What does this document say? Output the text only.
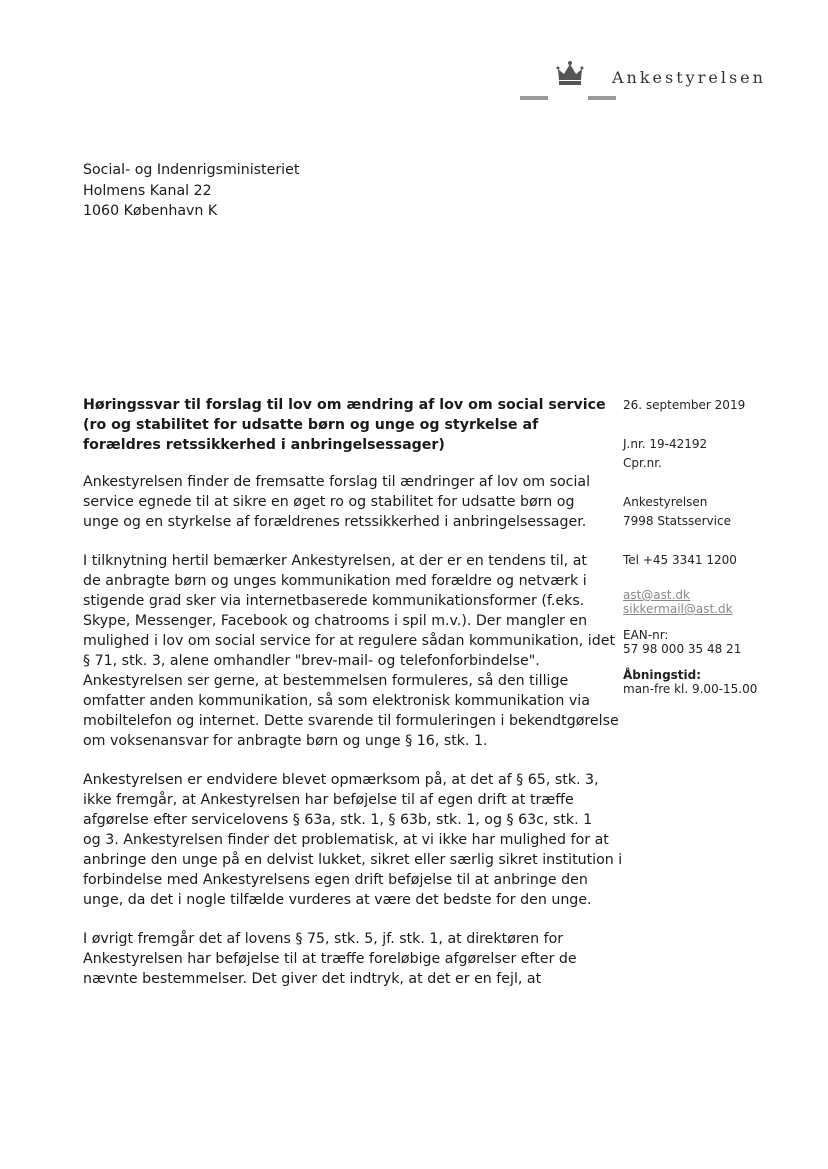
Ankestyrelsen
Social- og Indenrigsministeriet
Holmens Kanal 22
1060 København K
Høringssvar til forslag til lov om ændring af lov om social service
(ro og stabilitet for udsatte børn og unge og styrkelse af
forældres retssikkerhed i anbringelsessager)

Ankestyrelsen finder de fremsatte forslag til ændringer af lov om social
service egnede til at sikre en øget ro og stabilitet for udsatte børn og
unge og en styrkelse af forældrenes retssikkerhed i anbringelsessager.

I tilknytning hertil bemærker Ankestyrelsen, at der er en tendens til, at
de anbragte børn og unges kommunikation med forældre og netværk i
stigende grad sker via internetbaserede kommunikationsformer (f.eks.
Skype, Messenger, Facebook og chatrooms i spil m.v.). Der mangler en
mulighed i lov om social service for at regulere sådan kommunikation, idet
§ 71, stk. 3, alene omhandler "brev-mail- og telefonforbindelse".
Ankestyrelsen ser gerne, at bestemmelsen formuleres, så den tillige
omfatter anden kommunikation, så som elektronisk kommunikation via
mobiltelefon og internet. Dette svarende til formuleringen i bekendtgørelse
om voksenansvar for anbragte børn og unge § 16, stk. 1.

Ankestyrelsen er endvidere blevet opmærksom på, at det af § 65, stk. 3,
ikke fremgår, at Ankestyrelsen har beføjelse til af egen drift at træffe
afgørelse efter servicelovens § 63a, stk. 1, § 63b, stk. 1, og § 63c, stk. 1
og 3. Ankestyrelsen finder det problematisk, at vi ikke har mulighed for at
anbringe den unge på en delvist lukket, sikret eller særlig sikret institution i
forbindelse med Ankestyrelsens egen drift beføjelse til at anbringe den
unge, da det i nogle tilfælde vurderes at være det bedste for den unge.

I øvrigt fremgår det af lovens § 75, stk. 5, jf. stk. 1, at direktøren for
Ankestyrelsen har beføjelse til at træffe foreløbige afgørelser efter de
nævnte bestemmelser. Det giver det indtryk, at det er en fejl, at

26. september 2019
J.nr. 19-42192
Cpr.nr.
Ankestyrelsen
7998 Statsservice
Tel +45 3341 1200
ast@ast.dk
sikkermail@ast.dk
EAN-nr:
57 98 000 35 48 21
Åbningstid:
man-fre kl. 9.00-15.00
